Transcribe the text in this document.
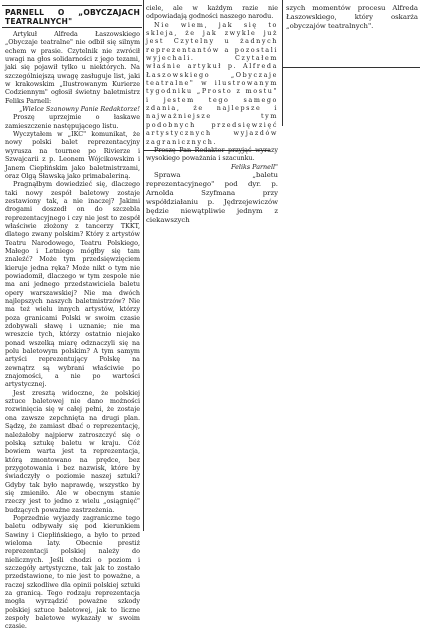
PARNELL O „OBYCZAJACH TEATRALNYCH"

Artykuł Alfreda Łaszowskiego „Obyczaje teatralne" nie odbił się silnym echem w prasie. Czytelnik nie zwrócił uwagi na głos solidarności z jego tezami, jaki się pojawił tylko u niektórych. Na szczególniejszą uwagę zasługuje list, jaki w krakowskim „Ilustrowanym Kurierze Codziennym" ogłosił świetny baletmistrz Feliks Parnell:

„Wielce Szanowny Panie Redaktorze!

Proszę uprzejmie o łaskawe zamieszczenie następującego listu.

Wyczytałem w „IKC" komunikat, że nowy polski balet reprezentacyjny wyrusza na tournee po Rivierze i Szwajcarii z p. Leonem Wójcikowskim i Janem Ciepłińskim jako baletmistrzami, oraz Olgą Sławską jako primabaleriną.

Pragnąłbym dowiedzieć się, dlaczego taki nowy zespół baletowy zostaje zestawiony tak, a nie inaczej? Jakimi drogami doszedł on do szczebla reprezentacyjnego i czy nie jest to zespół właściwie złożony z tancerzy TKKT, dlatego zwany polskim? Który z artystów Teatru Narodowego, Teatru Polskiego, Małego i Letniego mógłby się tam znaleźć? Może tym przedsięwzięciem kieruje jedna ręka? Może nikt o tym nie powiadomił, dlaczego w tym zespole nie ma ani jednego przedstawiciela baletu opery warszawskiej? Nie ma dwóch najlepszych naszych baletmistrzów? Nie ma też wielu innych artystów, którzy poza granicami Polski w swoim czasie zdobywali sławę i uznanie; nie ma wreszcie tych, którzy ostatnio niejako ponad wszelką miarę odznaczyli się na polu baletowym polskim? A tym samym artyści reprezentujący Polskę na zewnątrz są wybrani właściwie po znajomości, a nie po wartości artystycznej.

Jest zresztą widoczne, że polskiej sztuce baletowej nie dano możności rozwinięcia się w całej pełni, że zostaje ona zawsze zepchnięta na drugi plan. Sądzę, że zamiast dbać o reprezentację, należałoby najpierw zatroszczyć się o polską sztukę baletu w kraju. Cóż bowiem warta jest ta reprezentacja, którą zmontowano na prędce, bez przygotowania i bez nazwisk, które by świadczyły o poziomie naszej sztuki? Gdyby tak było naprawdę, wszystko by się zmieniło. Ale w obecnym stanie rzeczy jest to jedno z wielu „osiągnięć" budzących poważne zastrzeżenia.

Poprzednie wyjazdy zagraniczne tego baletu odbywały się pod kierunkiem Sawiny i Ciepłińskiego, a było to przed wieloma laty. Obecnie prestiż reprezentacji polskiej należy do nielicznych. Jeśli chodzi o poziom i szczegóły artystyczne, tak jak to zostało przedstawione, to nie jest to poważne, a raczej szkodliwe dla opinii polskiej sztuki za granicą. Tego rodzaju reprezentacja mogła wyrządzić poważne szkody polskiej sztuce baletowej, jak to liczne zespoły baletowe wykazały w swoim czasie.

ciele, ale w każdym razie nie odpowiadają godności naszego narodu.

Nie wiem, jak się to skleja, że jak zwykle już jest Czytelny u żadnych reprezentantów a pozostali wyjechali. Czytałem właśnie artykuł p. Alfreda Łaszowskiego „Obyczaje teatralne" w ilustrowanym tygodniku „Prosto z mostu" i jestem tego samego zdania, że najlepsze i najważniejsze tym podobnych przedsięwzięć artystycznych wyjazdów zagranicznych.

Proszę Pan Redaktor przyjąć wyrazy wysokiego poważania i szacunku.

Feliks Parnell"

Sprawa „baletu reprezentacyjnego" pod dyr. p. Arnolda Szyfmana przy współdziałaniu p. Jędrzejewiczów będzie niewątpliwie jednym z ciekawszych

szych momentów procesu Alfreda Łaszowskiego, który oskarża „obyczajów teatralnych".
